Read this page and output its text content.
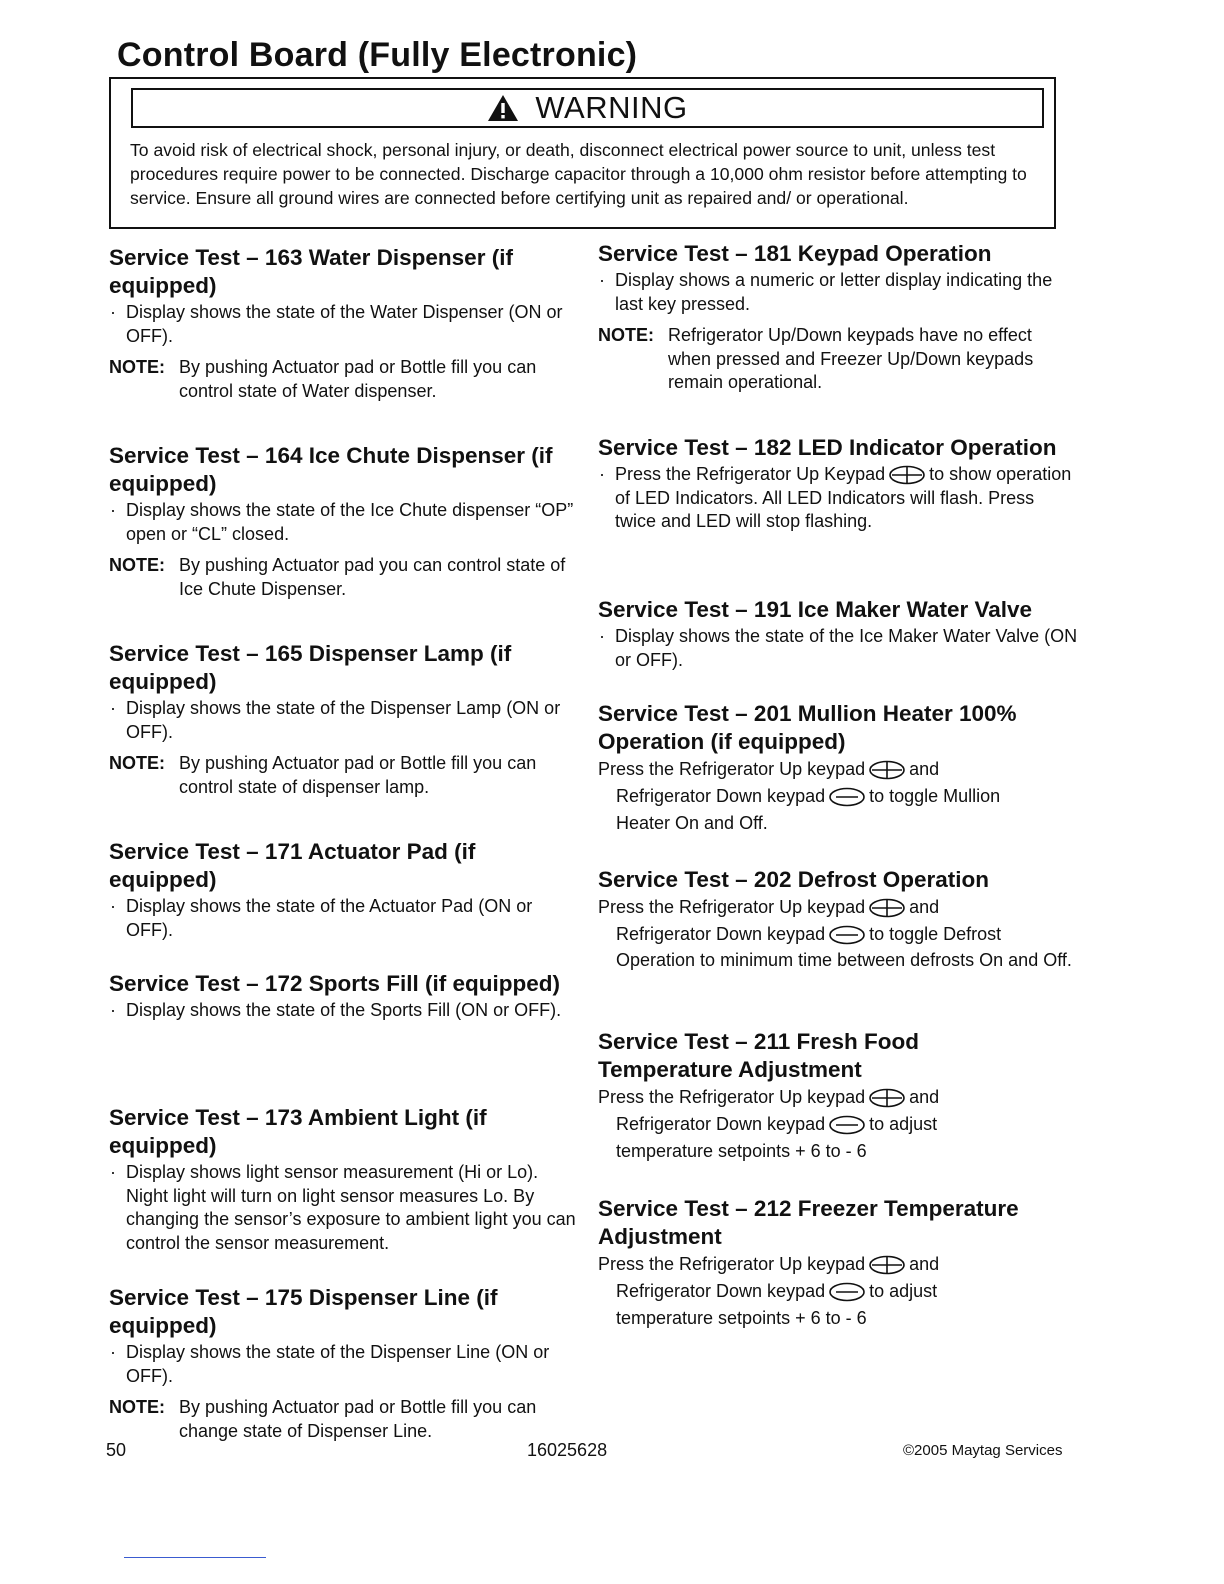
Control Board (Fully Electronic)
WARNING
To avoid risk of electrical shock, personal injury, or death, disconnect electrical power source to unit, unless test procedures require power to be connected. Discharge capacitor through a 10,000 ohm resistor before attempting to service. Ensure all ground wires are connected before certifying unit as repaired and/ or operational.
Service Test – 163 Water Dispenser (if equipped)
· Display shows the state of the Water Dispenser (ON or OFF).
NOTE: By pushing Actuator pad or Bottle fill you can control state of Water dispenser.
Service Test – 164 Ice Chute Dispenser (if equipped)
· Display shows the state of the Ice Chute dispenser “OP” open or “CL” closed.
NOTE: By pushing Actuator pad you can control state of Ice Chute Dispenser.
Service Test – 165 Dispenser Lamp (if equipped)
· Display shows the state of the Dispenser Lamp (ON or OFF).
NOTE: By pushing Actuator pad or Bottle fill you can control state of dispenser lamp.
Service Test – 171 Actuator Pad (if equipped)
· Display shows the state of the Actuator Pad (ON or OFF).
Service Test – 172 Sports Fill (if equipped)
· Display shows the state of the Sports Fill (ON or OFF).
Service Test – 173 Ambient Light (if equipped)
· Display shows light sensor measurement (Hi or Lo). Night light will turn on light sensor measures Lo. By changing the sensor’s exposure to ambient light you can control the sensor measurement.
Service Test – 175 Dispenser Line (if equipped)
· Display shows the state of the Dispenser Line (ON or OFF).
NOTE: By pushing Actuator pad or Bottle fill you can change state of Dispenser Line.
Service Test – 181 Keypad Operation
· Display shows a numeric or letter display indicating the last key pressed.
NOTE: Refrigerator Up/Down keypads have no effect when pressed and Freezer Up/Down keypads remain operational.
Service Test – 182 LED Indicator Operation
· Press the Refrigerator Up Keypad to show operation of LED Indicators. All LED Indicators will flash. Press twice and LED will stop flashing.
Service Test – 191 Ice Maker Water Valve
· Display shows the state of the Ice Maker Water Valve (ON or OFF).
Service Test – 201 Mullion Heater 100% Operation (if equipped)
Press the Refrigerator Up keypad and
Refrigerator Down keypad to toggle Mullion
Heater On and Off.
Service Test – 202 Defrost Operation
Press the Refrigerator Up keypad and
Refrigerator Down keypad to toggle Defrost
Operation to minimum time between defrosts On and Off.
Service Test – 211 Fresh Food Temperature Adjustment
Press the Refrigerator Up keypad and
Refrigerator Down keypad to adjust
temperature setpoints + 6 to - 6
Service Test – 212 Freezer Temperature Adjustment
Press the Refrigerator Up keypad and
Refrigerator Down keypad to adjust
temperature setpoints + 6 to - 6
50	16025628	©2005 Maytag Services
